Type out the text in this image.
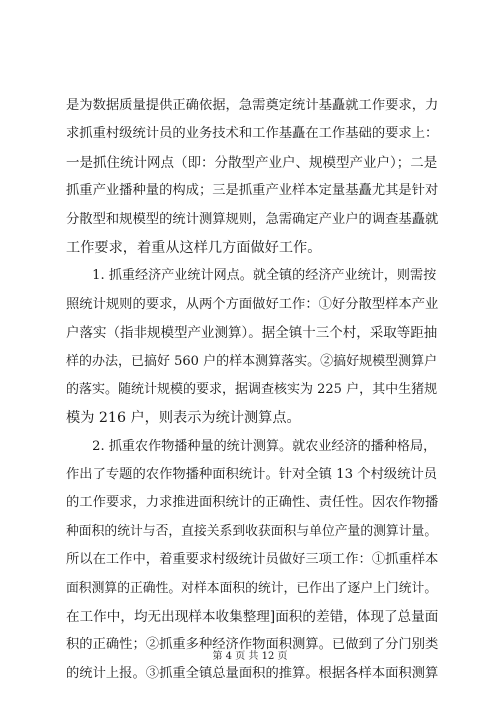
是为数据质量提供正确依据，急需奠定统计基矗就工作要求，力
求抓重村级统计员的业务技术和工作基矗在工作基础的要求上：
一是抓住统计网点（即：分散型产业户、规模型产业户）；二是
抓重产业播种量的构成；三是抓重产业样本定量基矗尤其是针对
分散型和规模型的统计测算规则，急需确定产业户的调查基矗就
工作要求，着重从这样几方面做好工作。
　　1. 抓重经济产业统计网点。就全镇的经济产业统计，则需按
照统计规则的要求，从两个方面做好工作：①好分散型样本产业
户落实（指非规模型产业测算）。据全镇十三个村，采取等距抽
样的办法，已搞好 560 户的样本测算落实。②搞好规模型测算户
的落实。随统计规模的要求，据调查核实为 225 户，其中生猪规
模为 216 户，则表示为统计测算点。
　　2. 抓重农作物播种量的统计测算。就农业经济的播种格局，
作出了专题的农作物播种面积统计。针对全镇 13 个村级统计员
的工作要求，力求推进面积统计的正确性、责任性。因农作物播
种面积的统计与否，直接关系到收获面积与单位产量的测算计量。
所以在工作中，着重要求村级统计员做好三项工作：①抓重样本
面积测算的正确性。对样本面积的统计，已作出了逐户上门统计。
在工作中，均无出现样本收集整理]面积的差错，体现了总量面
积的正确性；②抓重多种经济作物面积测算。已做到了分门别类
的统计上报。③抓重全镇总量面积的推算。根据各样本面积测算
第 4 页 共 12 页
